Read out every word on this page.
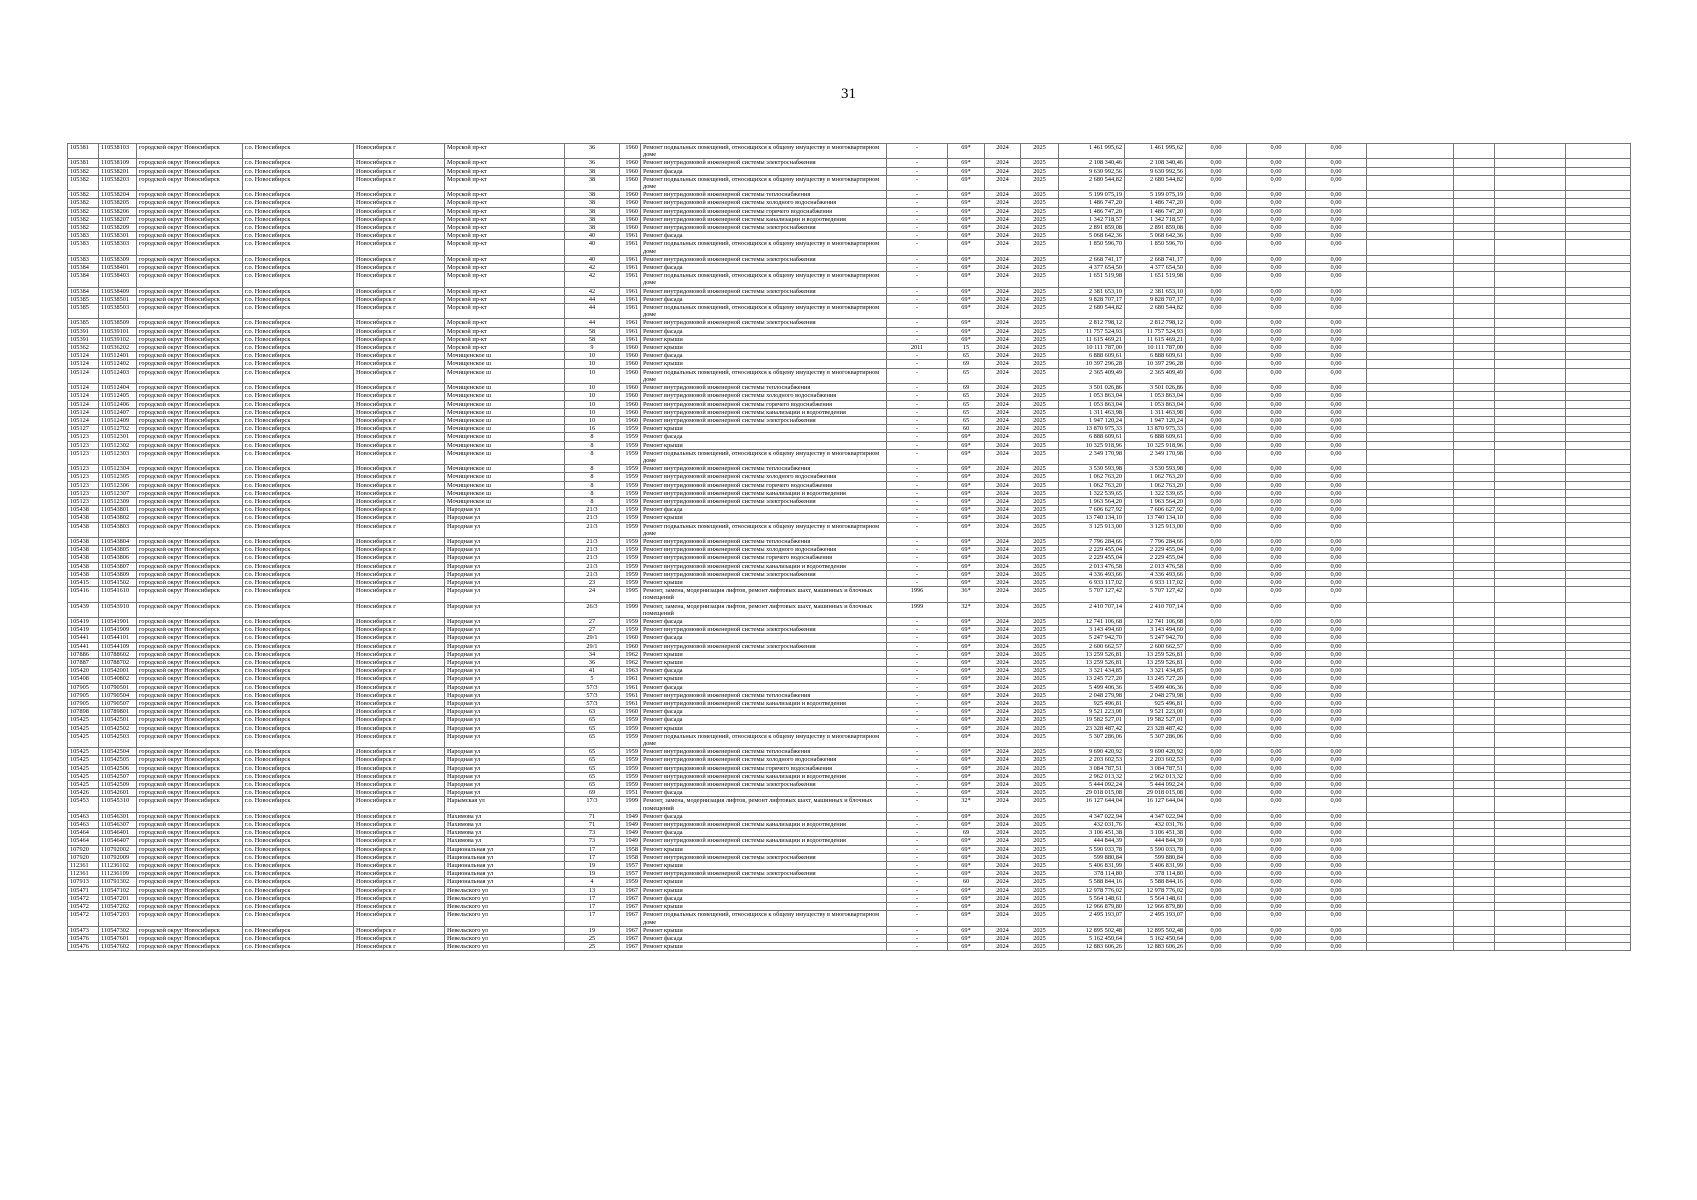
31
105381	110538103	городской округ Новосибирск	г.о. Новосибирск	Новосибирск г	Морской пр-кт	36	1960	Ремонт подвальных помещений, относящихся к общему имуществу в многоквартирном доме	-	69*	2024	2025	1 461 995,62	1 461 995,62	0,00	0,00	0,00				
105381	110538109	городской округ Новосибирск	г.о. Новосибирск	Новосибирск г	Морской пр-кт	36	1960	Ремонт внутридомовой инженерной системы электроснабжения	-	69*	2024	2025	2 108 340,46	2 108 340,46	0,00	0,00	0,00				
105382	110538201	городской округ Новосибирск	г.о. Новосибирск	Новосибирск г	Морской пр-кт	38	1960	Ремонт фасада	-	69*	2024	2025	9 630 992,56	9 630 992,56	0,00	0,00	0,00				
105382	110538203	городской округ Новосибирск	г.о. Новосибирск	Новосибирск г	Морской пр-кт	38	1960	Ремонт подвальных помещений, относящихся к общему имуществу в многоквартирном доме	-	69*	2024	2025	2 680 544,82	2 680 544,82	0,00	0,00	0,00				
105382	110538204	городской округ Новосибирск	г.о. Новосибирск	Новосибирск г	Морской пр-кт	38	1960	Ремонт внутридомовой инженерной системы теплоснабжения	-	69*	2024	2025	5 199 075,19	5 199 075,19	0,00	0,00	0,00				
105382	110538205	городской округ Новосибирск	г.о. Новосибирск	Новосибирск г	Морской пр-кт	38	1960	Ремонт внутридомовой инженерной системы холодного водоснабжения	-	69*	2024	2025	1 486 747,20	1 486 747,20	0,00	0,00	0,00				
105382	110538206	городской округ Новосибирск	г.о. Новосибирск	Новосибирск г	Морской пр-кт	38	1960	Ремонт внутридомовой инженерной системы горячего водоснабжения	-	69*	2024	2025	1 486 747,20	1 486 747,20	0,00	0,00	0,00				
105382	110538207	городской округ Новосибирск	г.о. Новосибирск	Новосибирск г	Морской пр-кт	38	1960	Ремонт внутридомовой инженерной системы канализации и водоотведения	-	69*	2024	2025	1 342 718,57	1 342 718,57	0,00	0,00	0,00				
105382	110538209	городской округ Новосибирск	г.о. Новосибирск	Новосибирск г	Морской пр-кт	38	1960	Ремонт внутридомовой инженерной системы электроснабжения	-	69*	2024	2025	2 891 859,08	2 891 859,08	0,00	0,00	0,00				
105383	110538301	городской округ Новосибирск	г.о. Новосибирск	Новосибирск г	Морской пр-кт	40	1961	Ремонт фасада	-	69*	2024	2025	5 068 642,36	5 068 642,36	0,00	0,00	0,00				
105383	110538303	городской округ Новосибирск	г.о. Новосибирск	Новосибирск г	Морской пр-кт	40	1961	Ремонт подвальных помещений, относящихся к общему имуществу в многоквартирном доме	-	69*	2024	2025	1 850 596,70	1 850 596,70	0,00	0,00	0,00				
105383	110538309	городской округ Новосибирск	г.о. Новосибирск	Новосибирск г	Морской пр-кт	40	1961	Ремонт внутридомовой инженерной системы электроснабжения	-	69*	2024	2025	2 668 741,17	2 668 741,17	0,00	0,00	0,00				
105384	110538401	городской округ Новосибирск	г.о. Новосибирск	Новосибирск г	Морской пр-кт	42	1961	Ремонт фасада	-	69*	2024	2025	4 377 654,50	4 377 654,50	0,00	0,00	0,00				
105384	110538403	городской округ Новосибирск	г.о. Новосибирск	Новосибирск г	Морской пр-кт	42	1961	Ремонт подвальных помещений, относящихся к общему имуществу в многоквартирном доме	-	69*	2024	2025	1 651 519,98	1 651 519,98	0,00	0,00	0,00				
105384	110538409	городской округ Новосибирск	г.о. Новосибирск	Новосибирск г	Морской пр-кт	42	1961	Ремонт внутридомовой инженерной системы электроснабжения	-	69*	2024	2025	2 381 653,10	2 381 653,10	0,00	0,00	0,00				
105385	110538501	городской округ Новосибирск	г.о. Новосибирск	Новосибирск г	Морской пр-кт	44	1961	Ремонт фасада	-	69*	2024	2025	9 828 707,17	9 828 707,17	0,00	0,00	0,00				
105385	110538503	городской округ Новосибирск	г.о. Новосибирск	Новосибирск г	Морской пр-кт	44	1961	Ремонт подвальных помещений, относящихся к общему имуществу в многоквартирном доме	-	69*	2024	2025	2 680 544,82	2 680 544,82	0,00	0,00	0,00				
105385	110538509	городской округ Новосибирск	г.о. Новосибирск	Новосибирск г	Морской пр-кт	44	1961	Ремонт внутридомовой инженерной системы электроснабжения	-	69*	2024	2025	2 812 798,12	2 812 798,12	0,00	0,00	0,00				
105391	110539101	городской округ Новосибирск	г.о. Новосибирск	Новосибирск г	Морской пр-кт	58	1961	Ремонт фасада	-	69*	2024	2025	11 757 524,93	11 757 524,93	0,00	0,00	0,00				
105391	110539102	городской округ Новосибирск	г.о. Новосибирск	Новосибирск г	Морской пр-кт	58	1961	Ремонт крыши	-	69*	2024	2025	11 615 469,21	11 615 469,21	0,00	0,00	0,00				
105362	110536202	городской округ Новосибирск	г.о. Новосибирск	Новосибирск г	Морской пр-кт	9	1960	Ремонт крыши	2011	15	2024	2025	10 111 787,00	10 111 787,00	0,00	0,00	0,00				
105124	110512401	городской округ Новосибирск	г.о. Новосибирск	Новосибирск г	Мочищенское ш	10	1960	Ремонт фасада	-	65	2024	2025	6 888 609,61	6 888 609,61	0,00	0,00	0,00				
105124	110512402	городской округ Новосибирск	г.о. Новосибирск	Новосибирск г	Мочищенское ш	10	1960	Ремонт крыши	-	69	2024	2025	10 397 296,28	10 397 296,28	0,00	0,00	0,00				
105124	110512403	городской округ Новосибирск	г.о. Новосибирск	Новосибирск г	Мочищенское ш	10	1960	Ремонт подвальных помещений, относящихся к общему имуществу в многоквартирном доме	-	65	2024	2025	2 365 409,49	2 365 409,49	0,00	0,00	0,00				
105124	110512404	городской округ Новосибирск	г.о. Новосибирск	Новосибирск г	Мочищенское ш	10	1960	Ремонт внутридомовой инженерной системы теплоснабжения	-	69	2024	2025	3 501 026,86	3 501 026,86	0,00	0,00	0,00				
105124	110512405	городской округ Новосибирск	г.о. Новосибирск	Новосибирск г	Мочищенское ш	10	1960	Ремонт внутридомовой инженерной системы холодного водоснабжения	-	65	2024	2025	1 053 863,04	1 053 863,04	0,00	0,00	0,00				
105124	110512406	городской округ Новосибирск	г.о. Новосибирск	Новосибирск г	Мочищенское ш	10	1960	Ремонт внутридомовой инженерной системы горячего водоснабжения	-	65	2024	2025	1 053 863,04	1 053 863,04	0,00	0,00	0,00				
105124	110512407	городской округ Новосибирск	г.о. Новосибирск	Новосибирск г	Мочищенское ш	10	1960	Ремонт внутридомовой инженерной системы канализации и водоотведения	-	65	2024	2025	1 311 463,98	1 311 463,98	0,00	0,00	0,00				
105124	110512409	городской округ Новосибирск	г.о. Новосибирск	Новосибирск г	Мочищенское ш	10	1960	Ремонт внутридомовой инженерной системы электроснабжения	-	65	2024	2025	1 947 120,24	1 947 120,24	0,00	0,00	0,00				
105127	110512702	городской округ Новосибирск	г.о. Новосибирск	Новосибирск г	Мочищенское ш	16	1959	Ремонт крыши	-	60	2024	2025	13 870 975,33	13 870 975,33	0,00	0,00	0,00				
105123	110512301	городской округ Новосибирск	г.о. Новосибирск	Новосибирск г	Мочищенское ш	8	1959	Ремонт фасада	-	69*	2024	2025	6 888 609,61	6 888 609,61	0,00	0,00	0,00				
105123	110512302	городской округ Новосибирск	г.о. Новосибирск	Новосибирск г	Мочищенское ш	8	1959	Ремонт крыши	-	69*	2024	2025	10 325 918,96	10 325 918,96	0,00	0,00	0,00				
105123	110512303	городской округ Новосибирск	г.о. Новосибирск	Новосибирск г	Мочищенское ш	8	1959	Ремонт подвальных помещений, относящихся к общему имуществу в многоквартирном доме	-	69*	2024	2025	2 349 170,98	2 349 170,98	0,00	0,00	0,00				
105123	110512304	городской округ Новосибирск	г.о. Новосибирск	Новосибирск г	Мочищенское ш	8	1959	Ремонт внутридомовой инженерной системы теплоснабжения	-	69*	2024	2025	3 530 593,98	3 530 593,98	0,00	0,00	0,00				
105123	110512305	городской округ Новосибирск	г.о. Новосибирск	Новосибирск г	Мочищенское ш	8	1959	Ремонт внутридомовой инженерной системы холодного водоснабжения	-	69*	2024	2025	1 062 763,20	1 062 763,20	0,00	0,00	0,00				
105123	110512306	городской округ Новосибирск	г.о. Новосибирск	Новосибирск г	Мочищенское ш	8	1959	Ремонт внутридомовой инженерной системы горячего водоснабжения	-	69*	2024	2025	1 062 763,20	1 062 763,20	0,00	0,00	0,00				
105123	110512307	городской округ Новосибирск	г.о. Новосибирск	Новосибирск г	Мочищенское ш	8	1959	Ремонт внутридомовой инженерной системы канализации и водоотведения	-	69*	2024	2025	1 322 539,65	1 322 539,65	0,00	0,00	0,00				
105123	110512309	городской округ Новосибирск	г.о. Новосибирск	Новосибирск г	Мочищенское ш	8	1959	Ремонт внутридомовой инженерной системы электроснабжения	-	69*	2024	2025	1 963 564,20	1 963 564,20	0,00	0,00	0,00				
105438	110543801	городской округ Новосибирск	г.о. Новосибирск	Новосибирск г	Народная ул	21/3	1959	Ремонт фасада	-	69*	2024	2025	7 606 627,92	7 606 627,92	0,00	0,00	0,00				
105438	110543802	городской округ Новосибирск	г.о. Новосибирск	Новосибирск г	Народная ул	21/3	1959	Ремонт крыши	-	69*	2024	2025	13 740 134,10	13 740 134,10	0,00	0,00	0,00				
105438	110543803	городской округ Новосибирск	г.о. Новосибирск	Новосибирск г	Народная ул	21/3	1959	Ремонт подвальных помещений, относящихся к общему имуществу в многоквартирном доме	-	69*	2024	2025	3 125 913,00	3 125 913,00	0,00	0,00	0,00				
105438	110543804	городской округ Новосибирск	г.о. Новосибирск	Новосибирск г	Народная ул	21/3	1959	Ремонт внутридомовой инженерной системы теплоснабжения	-	69*	2024	2025	7 796 284,66	7 796 284,66	0,00	0,00	0,00				
105438	110543805	городской округ Новосибирск	г.о. Новосибирск	Новосибирск г	Народная ул	21/3	1959	Ремонт внутридомовой инженерной системы холодного водоснабжения	-	69*	2024	2025	2 229 455,04	2 229 455,04	0,00	0,00	0,00				
105438	110543806	городской округ Новосибирск	г.о. Новосибирск	Новосибирск г	Народная ул	21/3	1959	Ремонт внутридомовой инженерной системы горячего водоснабжения	-	69*	2024	2025	2 229 455,04	2 229 455,04	0,00	0,00	0,00				
105438	110543807	городской округ Новосибирск	г.о. Новосибирск	Новосибирск г	Народная ул	21/3	1959	Ремонт внутридомовой инженерной системы канализации и водоотведения	-	69*	2024	2025	2 013 476,58	2 013 476,58	0,00	0,00	0,00				
105438	110543809	городской округ Новосибирск	г.о. Новосибирск	Новосибирск г	Народная ул	21/3	1959	Ремонт внутридомовой инженерной системы электроснабжения	-	69*	2024	2025	4 336 493,66	4 336 493,66	0,00	0,00	0,00				
105415	110541502	городской округ Новосибирск	г.о. Новосибирск	Новосибирск г	Народная ул	23	1959	Ремонт крыши	-	69*	2024	2025	6 933 117,02	6 933 117,02	0,00	0,00	0,00				
105416	110541610	городской округ Новосибирск	г.о. Новосибирск	Новосибирск г	Народная ул	24	1995	Ремонт, замена, модернизация лифтов, ремонт лифтовых шахт, машинных и блочных помещений	1996	36*	2024	2025	5 707 127,42	5 707 127,42	0,00	0,00	0,00				
105439	110543910	городской округ Новосибирск	г.о. Новосибирск	Новосибирск г	Народная ул	26/3	1999	Ремонт, замена, модернизация лифтов, ремонт лифтовых шахт, машинных и блочных помещений	1999	32*	2024	2025	2 410 707,14	2 410 707,14	0,00	0,00	0,00				
105419	110541901	городской округ Новосибирск	г.о. Новосибирск	Новосибирск г	Народная ул	27	1959	Ремонт фасада	-	69*	2024	2025	12 741 106,68	12 741 106,68	0,00	0,00	0,00				
105419	110541909	городской округ Новосибирск	г.о. Новосибирск	Новосибирск г	Народная ул	27	1959	Ремонт внутридомовой инженерной системы электроснабжения	-	69*	2024	2025	3 143 494,60	3 143 494,60	0,00	0,00	0,00				
105441	110544101	городской округ Новосибирск	г.о. Новосибирск	Новосибирск г	Народная ул	29/1	1960	Ремонт фасада	-	69*	2024	2025	5 247 942,70	5 247 942,70	0,00	0,00	0,00				
105441	110544109	городской округ Новосибирск	г.о. Новосибирск	Новосибирск г	Народная ул	29/1	1960	Ремонт внутридомовой инженерной системы электроснабжения	-	69*	2024	2025	2 600 662,57	2 600 662,57	0,00	0,00	0,00				
107886	110788602	городской округ Новосибирск	г.о. Новосибирск	Новосибирск г	Народная ул	34	1962	Ремонт крыши	-	69*	2024	2025	13 259 526,81	13 259 526,81	0,00	0,00	0,00				
107887	110788702	городской округ Новосибирск	г.о. Новосибирск	Новосибирск г	Народная ул	36	1962	Ремонт крыши	-	69*	2024	2025	13 259 526,81	13 259 526,81	0,00	0,00	0,00				
105420	110542001	городской округ Новосибирск	г.о. Новосибирск	Новосибирск г	Народная ул	41	1963	Ремонт фасада	-	69*	2024	2025	3 321 434,85	3 321 434,85	0,00	0,00	0,00				
105408	110540802	городской округ Новосибирск	г.о. Новосибирск	Новосибирск г	Народная ул	5	1961	Ремонт крыши	-	69*	2024	2025	13 245 727,20	13 245 727,20	0,00	0,00	0,00				
107905	110790501	городской округ Новосибирск	г.о. Новосибирск	Новосибирск г	Народная ул	57/3	1961	Ремонт фасада	-	69*	2024	2025	5 499 406,36	5 499 406,36	0,00	0,00	0,00				
107905	110790504	городской округ Новосибирск	г.о. Новосибирск	Новосибирск г	Народная ул	57/3	1961	Ремонт внутридомовой инженерной системы теплоснабжения	-	69*	2024	2025	2 048 279,98	2 048 279,98	0,00	0,00	0,00				
107905	110790507	городской округ Новосибирск	г.о. Новосибирск	Новосибирск г	Народная ул	57/3	1961	Ремонт внутридомовой инженерной системы канализации и водоотведения	-	69*	2024	2025	925 496,81	925 496,81	0,00	0,00	0,00				
107898	110789801	городской округ Новосибирск	г.о. Новосибирск	Новосибирск г	Народная ул	63	1960	Ремонт фасада	-	69*	2024	2025	9 521 223,00	9 521 223,00	0,00	0,00	0,00				
105425	110542501	городской округ Новосибирск	г.о. Новосибирск	Новосибирск г	Народная ул	65	1959	Ремонт фасада	-	69*	2024	2025	19 582 527,01	19 582 527,01	0,00	0,00	0,00				
105425	110542502	городской округ Новосибирск	г.о. Новосибирск	Новосибирск г	Народная ул	65	1959	Ремонт крыши	-	69*	2024	2025	23 328 487,42	23 328 487,42	0,00	0,00	0,00				
105425	110542503	городской округ Новосибирск	г.о. Новосибирск	Новосибирск г	Народная ул	65	1959	Ремонт подвальных помещений, относящихся к общему имуществу в многоквартирном доме	-	69*	2024	2025	5 307 286,06	5 307 286,06	0,00	0,00	0,00				
105425	110542504	городской округ Новосибирск	г.о. Новосибирск	Новосибирск г	Народная ул	65	1959	Ремонт внутридомовой инженерной системы теплоснабжения	-	69*	2024	2025	9 690 420,92	9 690 420,92	0,00	0,00	0,00				
105425	110542505	городской округ Новосибирск	г.о. Новосибирск	Новосибирск г	Народная ул	65	1959	Ремонт внутридомовой инженерной системы холодного водоснабжения	-	69*	2024	2025	2 203 602,53	2 203 602,53	0,00	0,00	0,00				
105425	110542506	городской округ Новосибирск	г.о. Новосибирск	Новосибирск г	Народная ул	65	1959	Ремонт внутридомовой инженерной системы горячего водоснабжения	-	69*	2024	2025	3 084 787,51	3 084 787,51	0,00	0,00	0,00				
105425	110542507	городской округ Новосибирск	г.о. Новосибирск	Новосибирск г	Народная ул	65	1959	Ремонт внутридомовой инженерной системы канализации и водоотведения	-	69*	2024	2025	2 962 013,32	2 962 013,32	0,00	0,00	0,00				
105425	110542509	городской округ Новосибирск	г.о. Новосибирск	Новосибирск г	Народная ул	65	1959	Ремонт внутридомовой инженерной системы электроснабжения	-	69*	2024	2025	5 444 092,24	5 444 092,24	0,00	0,00	0,00				
105426	110542601	городской округ Новосибирск	г.о. Новосибирск	Новосибирск г	Народная ул	69	1951	Ремонт фасада	-	69*	2024	2025	29 018 015,08	29 018 015,08	0,00	0,00	0,00				
105453	110545310	городской округ Новосибирск	г.о. Новосибирск	Новосибирск г	Нарымская ул	17/3	1999	Ремонт, замена, модернизация лифтов, ремонт лифтовых шахт, машинных и блочных помещений	-	32*	2024	2025	16 127 644,04	16 127 644,04	0,00	0,00	0,00				
105463	110546301	городской округ Новосибирск	г.о. Новосибирск	Новосибирск г	Нахимова ул	71	1949	Ремонт фасада	-	69*	2024	2025	4 347 022,94	4 347 022,94	0,00	0,00	0,00				
105463	110546307	городской округ Новосибирск	г.о. Новосибирск	Новосибирск г	Нахимова ул	71	1949	Ремонт внутридомовой инженерной системы канализации и водоотведения	-	69*	2024	2025	432 031,76	432 031,76	0,00	0,00	0,00				
105464	110546401	городской округ Новосибирск	г.о. Новосибирск	Новосибирск г	Нахимова ул	73	1949	Ремонт фасада	-	69	2024	2025	3 106 451,38	3 106 451,38	0,00	0,00	0,00				
105464	110546407	городской округ Новосибирск	г.о. Новосибирск	Новосибирск г	Нахимова ул	73	1949	Ремонт внутридомовой инженерной системы канализации и водоотведения	-	69*	2024	2025	444 844,39	444 844,39	0,00	0,00	0,00				
107920	110792002	городской округ Новосибирск	г.о. Новосибирск	Новосибирск г	Национальная ул	17	1958	Ремонт крыши	-	69*	2024	2025	5 590 033,78	5 590 033,78	0,00	0,00	0,00				
107920	110792009	городской округ Новосибирск	г.о. Новосибирск	Новосибирск г	Национальная ул	17	1958	Ремонт внутридомовой инженерной системы электроснабжения	-	69*	2024	2025	599 880,84	599 880,84	0,00	0,00	0,00				
112361	111236102	городской округ Новосибирск	г.о. Новосибирск	Новосибирск г	Национальная ул	19	1957	Ремонт крыши	-	69*	2024	2025	5 406 831,99	5 406 831,99	0,00	0,00	0,00				
112361	111236109	городской округ Новосибирск	г.о. Новосибирск	Новосибирск г	Национальная ул	19	1957	Ремонт внутридомовой инженерной системы электроснабжения	-	69*	2024	2025	378 114,80	378 114,80	0,00	0,00	0,00				
107913	110791302	городской округ Новосибирск	г.о. Новосибирск	Новосибирск г	Национальная ул	4	1959	Ремонт крыши	-	60	2024	2025	5 588 844,16	5 588 844,16	0,00	0,00	0,00				
105471	110547102	городской округ Новосибирск	г.о. Новосибирск	Новосибирск г	Невельского ул	13	1967	Ремонт крыши	-	69*	2024	2025	12 978 776,02	12 978 776,02	0,00	0,00	0,00				
105472	110547201	городской округ Новосибирск	г.о. Новосибирск	Новосибирск г	Невельского ул	17	1967	Ремонт фасада	-	69*	2024	2025	5 564 148,61	5 564 148,61	0,00	0,00	0,00				
105472	110547202	городской округ Новосибирск	г.о. Новосибирск	Новосибирск г	Невельского ул	17	1967	Ремонт крыши	-	69*	2024	2025	12 966 879,80	12 966 879,80	0,00	0,00	0,00				
105472	110547203	городской округ Новосибирск	г.о. Новосибирск	Новосибирск г	Невельского ул	17	1967	Ремонт подвальных помещений, относящихся к общему имуществу в многоквартирном доме	-	69*	2024	2025	2 495 193,07	2 495 193,07	0,00	0,00	0,00				
105473	110547302	городской округ Новосибирск	г.о. Новосибирск	Новосибирск г	Невельского ул	19	1967	Ремонт крыши	-	69*	2024	2025	12 895 502,48	12 895 502,48	0,00	0,00	0,00				
105476	110547601	городской округ Новосибирск	г.о. Новосибирск	Новосибирск г	Невельского ул	25	1967	Ремонт фасада	-	69*	2024	2025	5 162 450,64	5 162 450,64	0,00	0,00	0,00				
105476	110547602	городской округ Новосибирск	г.о. Новосибирск	Новосибирск г	Невельского ул	25	1967	Ремонт крыши	-	69*	2024	2025	12 883 606,26	12 883 606,26	0,00	0,00	0,00				
